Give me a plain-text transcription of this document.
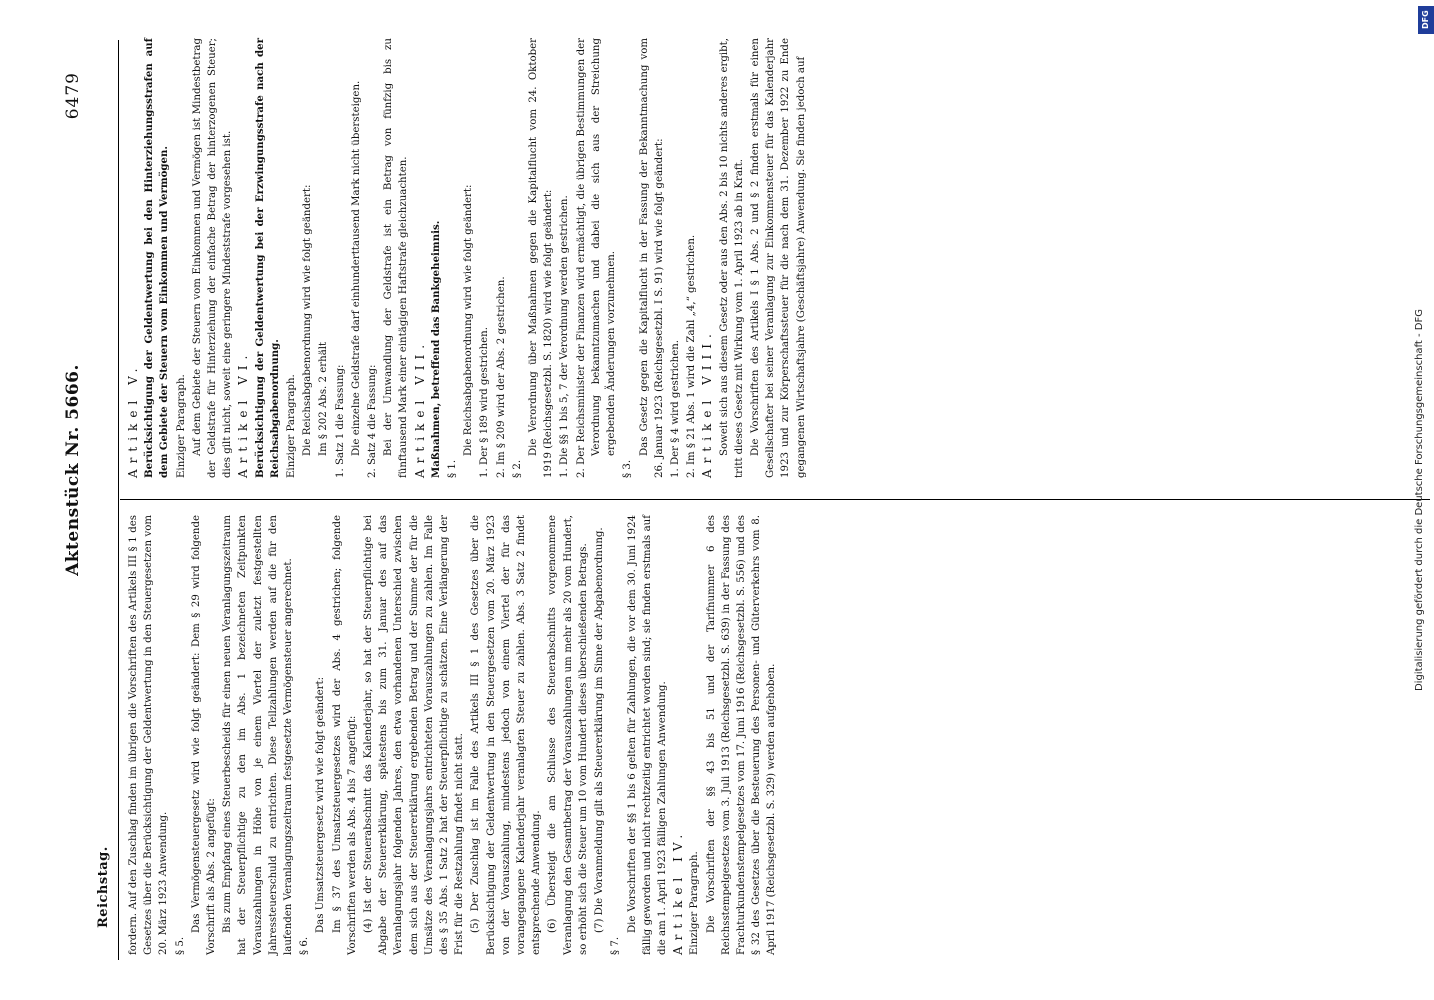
Reichstag.
Aktenstück Nr. 5666.
6479

fordern. Auf den Zuschlag finden im übrigen die Vorschriften des Artikels III § 1 des Gesetzes über die Berücksichtigung der Geldentwertung in den Steuergesetzen vom 20. März 1923 Anwendung. § 5.

Das Vermögensteuergesetz wird wie folgt geändert: Dem § 29 wird folgende Vorschrift als Abs. 2 angefügt: Bis zum Empfang eines Steuerbescheids für einen neuen Veranlagungszeitraum hat der Steuerpflichtige zu den im Abs. 1 bezeichneten Zeitpunkten Vorauszahlungen in Höhe von je einem Viertel der zuletzt festgestellten Jahressteuerschuld zu entrichten. Diese Teilzahlungen werden auf die für den laufenden Veranlagungszeitraum festgesetzte Vermögensteuer angerechnet. § 6.

Das Umsatzsteuergesetz wird wie folgt geändert: Im § 37 des Umsatzsteuergesetzes wird der Abs. 4 gestrichen; folgende Vorschriften werden als Abs. 4 bis 7 angefügt: (4) Ist der Steuerabschnitt das Kalenderjahr, so hat der Steuerpflichtige bei Abgabe der Steuererklärung, spätestens bis zum 31. Januar des auf das Veranlagungsjahr folgenden Jahres, den etwa vorhandenen Unterschied zwischen dem sich aus der Steuererklärung ergebenden Betrag und der Summe der für die Umsätze des Veranlagungsjahrs entrichteten Vorauszahlungen zu zahlen. Im Falle des § 35 Abs. 1 Satz 2 hat der Steuerpflichtige zu schätzen. Eine Verlängerung der Frist für die Restzahlung findet nicht statt. (5) Der Zuschlag ist im Falle des Artikels III § 1 des Gesetzes über die Berücksichtigung der Geldentwertung in den Steuergesetzen vom 20. März 1923 von der Vorauszahlung, mindestens jedoch von einem Viertel der für das vorangegangene Kalenderjahr veranlagten Steuer zu zahlen. Abs. 3 Satz 2 findet entsprechende Anwendung. (6) Übersteigt die am Schlusse des Steuerabschnitts vorgenommene Veranlagung den Gesamtbetrag der Vorauszahlungen um mehr als 20 vom Hundert, so erhöht sich die Steuer um 10 vom Hundert dieses überschießenden Betrags. (7) Die Voranmeldung gilt als Steuererklärung im Sinne der Abgabenordnung.

§ 7.

Die Vorschriften der §§ 1 bis 6 gelten für Zahlungen, die vor dem 30. Juni 1924 fällig geworden und nicht rechtzeitig entrichtet worden sind; sie finden erstmals auf die am 1. April 1923 fälligen Zahlungen Anwendung. Artikel IV. Einziger Paragraph. Die Vorschriften der §§ 43 bis 51 und der Tarifnummer 6 des Reichsstempelgesetzes vom 3. Juli 1913 (Reichsgesetzbl. S. 639) in der Fassung des Frachturkundenstempelgesetzes vom 17. Juni 1916 (Reichsgesetzbl. S. 556) und des § 32 des Gesetzes über die Besteuerung des Personen- und Güterverkehrs vom 8. April 1917 (Reichsgesetzbl. S. 329) werden aufgehoben.

Artikel V. Berücksichtigung der Geldentwertung bei den Hinterziehungsstrafen auf dem Gebiete der Steuern vom Einkommen und Vermögen. Einziger Paragraph. Auf dem Gebiete der Steuern vom Einkommen und Vermögen ist Mindestbetrag der Geldstrafe für Hinterziehung der einfache Betrag der hinterzogenen Steuer; dies gilt nicht, soweit eine geringere Mindeststrafe vorgesehen ist. Artikel VI. Berücksichtigung der Geldentwertung bei der Erzwingungsstrafe nach der Reichsabgabenordnung. Einziger Paragraph. Die Reichsabgabenordnung wird wie folgt geändert: Im § 202 Abs. 2 erhält 1. Satz 1 die Fassung: Die einzelne Geldstrafe darf einhunderttausend Mark nicht übersteigen. 2. Satz 4 die Fassung: Bei der Umwandlung der Geldstrafe ist ein Betrag von fünfzig bis zu fünftausend Mark einer eintägigen Haftstrafe gleichzuachten. Artikel VII. Maßnahmen, betreffend das Bankgeheimnis. § 1.

Die Reichsabgabenordnung wird wie folgt geändert: 1. Der § 189 wird gestrichen. 2. Im § 209 wird der Abs. 2 gestrichen. § 2.

Die Verordnung über Maßnahmen gegen die Kapitalflucht vom 24. Oktober 1919 (Reichsgesetzbl. S. 1820) wird wie folgt geändert: 1. Die §§ 1 bis 5, 7 der Verordnung werden gestrichen. 2. Der Reichsminister der Finanzen wird ermächtigt, die übrigen Bestimmungen der Verordnung bekanntzumachen und dabei die sich aus der Streichung ergebenden Änderungen vorzunehmen.

§ 3.

Das Gesetz gegen die Kapitalflucht in der Fassung der Bekanntmachung vom 26. Januar 1923 (Reichsgesetzbl. I S. 91) wird wie folgt geändert: 1. Der § 4 wird gestrichen. 2. Im § 21 Abs. 1 wird die Zahl „4,“ gestrichen. Artikel VIII. Soweit sich aus diesem Gesetz oder aus den Abs. 2 bis 10 nichts anderes ergibt, tritt dieses Gesetz mit Wirkung vom 1. April 1923 ab in Kraft. Die Vorschriften des Artikels I § 1 Abs. 2 und § 2 finden erstmals für einen Gesellschafter bei seiner Veranlagung zur Einkommensteuer für das Kalenderjahr 1923 und zur Körperschaftssteuer für die nach dem 31. Dezember 1922 zu Ende gegangenen Wirtschaftsjahre (Geschäftsjahre) Anwendung. Sie finden jedoch auf

Digitalisierung gefördert durch die Deutsche Forschungsgemeinschaft - DFG
DFG
